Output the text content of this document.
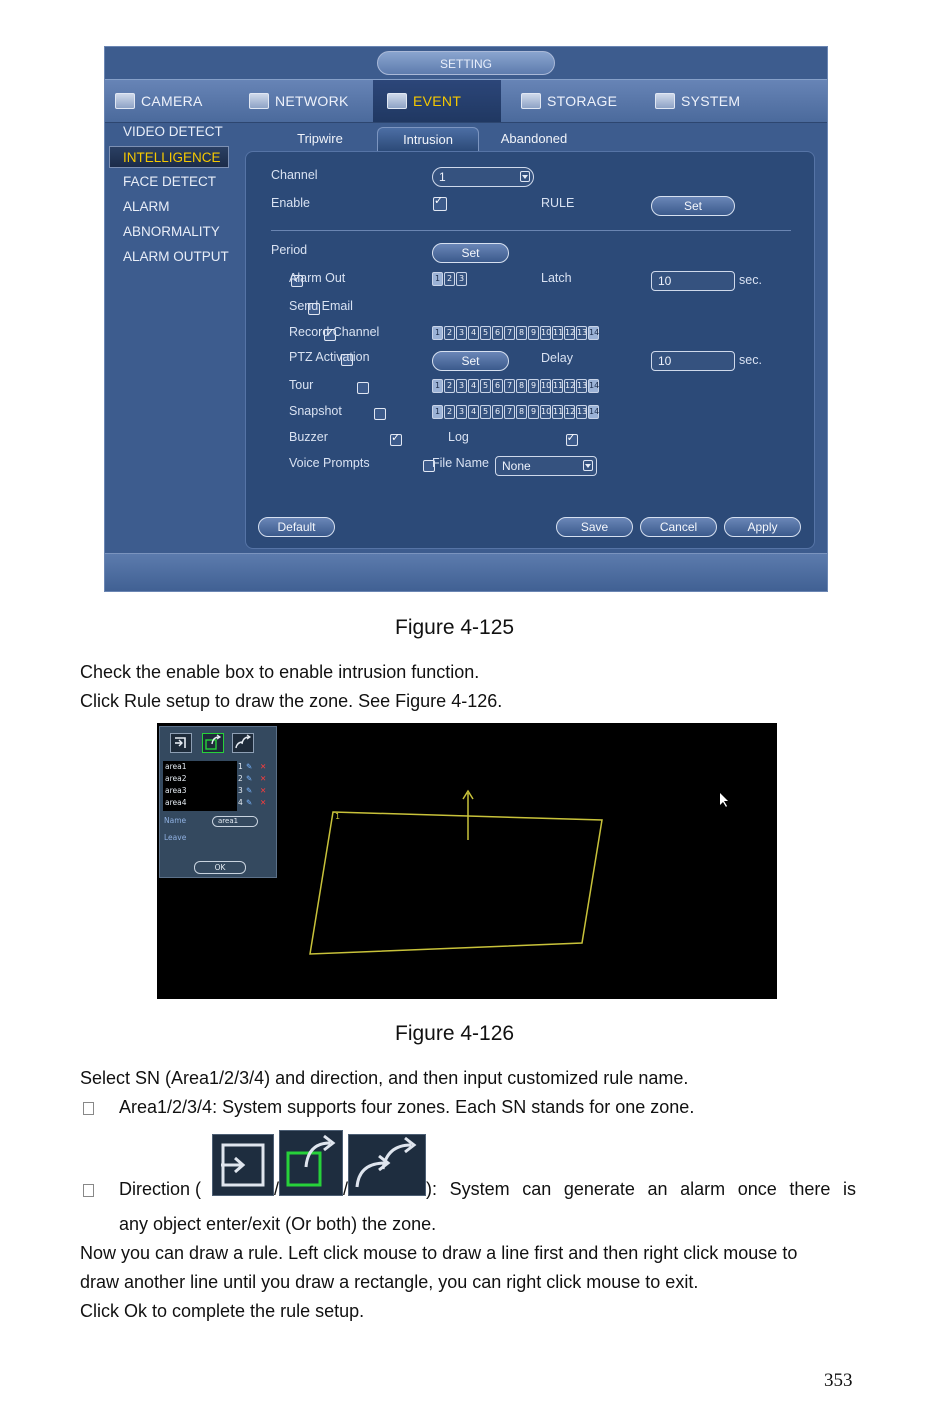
SETTING
CAMERA	NETWORK	EVENT	STORAGE	SYSTEM
VIDEO DETECT
INTELLIGENCE
FACE DETECT
ALARM
ABNORMALITY
ALARM OUTPUT
Tripwire	Intrusion	Abandoned
Channel	1
Enable
✓	RULE	Set
Period	Set
✓
Alarm Out	1 2 3	Latch	10	sec.

Send Email
✓
Record Channel	1 2 3 4 5 6 7 8 9 10 11 12 13 14

PTZ Activation	Set	Delay	10	sec.

Tour	1 2 3 4 5 6 7 8 9 10 11 12 13 14

Snapshot	1 2 3 4 5 6 7 8 9 10 11 12 13 14
✓
Buzzer
✓	Log
Voice Prompts	File Name	None
Default	Save	Cancel	Apply
Figure 4-125
Check the enable box to enable intrusion function.
Click Rule setup to draw the zone. See Figure 4-126.
area1	1 ✎ ✕
area2	2 ✎ ✕
area3	3 ✎ ✕
area4	4 ✎ ✕
Name	area1
Leave
OK
1
Figure 4-126
Select SN (Area1/2/3/4) and direction, and then input customized rule name.
Area1/2/3/4: System supports four zones. Each SN stands for one zone.
Direction (	/	/	): System can generate an alarm once there is
any object enter/exit (Or both) the zone.
Now you can draw a rule. Left click mouse to draw a line first and then right click mouse to
draw another line until you draw a rectangle, you can right click mouse to exit.
Click Ok to complete the rule setup.
353
